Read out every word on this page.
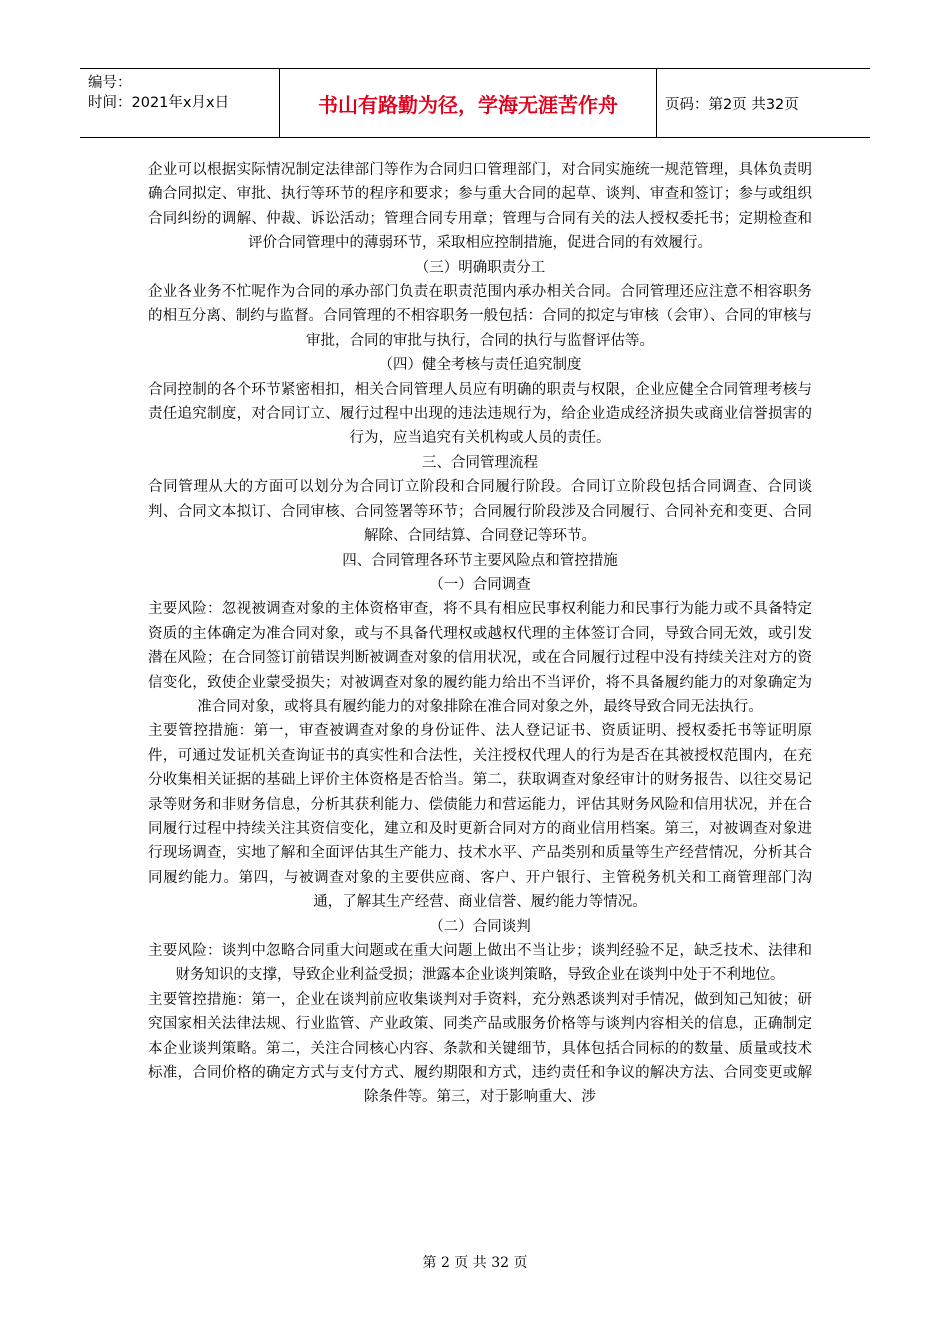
编号：
时间：2021年x月x日	书山有路勤为径，学海无涯苦作舟	页码：第2页 共32页

企业可以根据实际情况制定法律部门等作为合同归口管理部门，对合同实施统一规范管理，具体负责明确合同拟定、审批、执行等环节的程序和要求；参与重大合同的起草、谈判、审查和签订；参与或组织合同纠纷的调解、仲裁、诉讼活动；管理合同专用章；管理与合同有关的法人授权委托书；定期检查和评价合同管理中的薄弱环节，采取相应控制措施，促进合同的有效履行。

（三）明确职责分工

企业各业务不忙呢作为合同的承办部门负责在职责范围内承办相关合同。合同管理还应注意不相容职务的相互分离、制约与监督。合同管理的不相容职务一般包括：合同的拟定与审核（会审）、合同的审核与审批，合同的审批与执行，合同的执行与监督评估等。

（四）健全考核与责任追究制度

合同控制的各个环节紧密相扣，相关合同管理人员应有明确的职责与权限，企业应健全合同管理考核与责任追究制度，对合同订立、履行过程中出现的违法违规行为，给企业造成经济损失或商业信誉损害的行为，应当追究有关机构或人员的责任。

三、合同管理流程

合同管理从大的方面可以划分为合同订立阶段和合同履行阶段。合同订立阶段包括合同调查、合同谈判、合同文本拟订、合同审核、合同签署等环节；合同履行阶段涉及合同履行、合同补充和变更、合同解除、合同结算、合同登记等环节。

四、合同管理各环节主要风险点和管控措施

（一）合同调查

主要风险：忽视被调查对象的主体资格审查，将不具有相应民事权利能力和民事行为能力或不具备特定资质的主体确定为准合同对象，或与不具备代理权或越权代理的主体签订合同，导致合同无效，或引发潜在风险；在合同签订前错误判断被调查对象的信用状况，或在合同履行过程中没有持续关注对方的资信变化，致使企业蒙受损失；对被调查对象的履约能力给出不当评价，将不具备履约能力的对象确定为准合同对象，或将具有履约能力的对象排除在准合同对象之外，最终导致合同无法执行。

主要管控措施：第一，审查被调查对象的身份证件、法人登记证书、资质证明、授权委托书等证明原件，可通过发证机关查询证书的真实性和合法性，关注授权代理人的行为是否在其被授权范围内，在充分收集相关证据的基础上评价主体资格是否恰当。第二，获取调查对象经审计的财务报告、以往交易记录等财务和非财务信息，分析其获利能力、偿债能力和营运能力，评估其财务风险和信用状况，并在合同履行过程中持续关注其资信变化，建立和及时更新合同对方的商业信用档案。第三，对被调查对象进行现场调查，实地了解和全面评估其生产能力、技术水平、产品类别和质量等生产经营情况，分析其合同履约能力。第四，与被调查对象的主要供应商、客户、开户银行、主管税务机关和工商管理部门沟通，了解其生产经营、商业信誉、履约能力等情况。

（二）合同谈判

主要风险：谈判中忽略合同重大问题或在重大问题上做出不当让步；谈判经验不足，缺乏技术、法律和财务知识的支撑，导致企业利益受损；泄露本企业谈判策略，导致企业在谈判中处于不利地位。

主要管控措施：第一，企业在谈判前应收集谈判对手资料，充分熟悉谈判对手情况，做到知己知彼；研究国家相关法律法规、行业监管、产业政策、同类产品或服务价格等与谈判内容相关的信息，正确制定本企业谈判策略。第二，关注合同核心内容、条款和关键细节，具体包括合同标的的数量、质量或技术标准，合同价格的确定方式与支付方式、履约期限和方式，违约责任和争议的解决方法、合同变更或解除条件等。第三，对于影响重大、涉

第 2 页 共 32 页
